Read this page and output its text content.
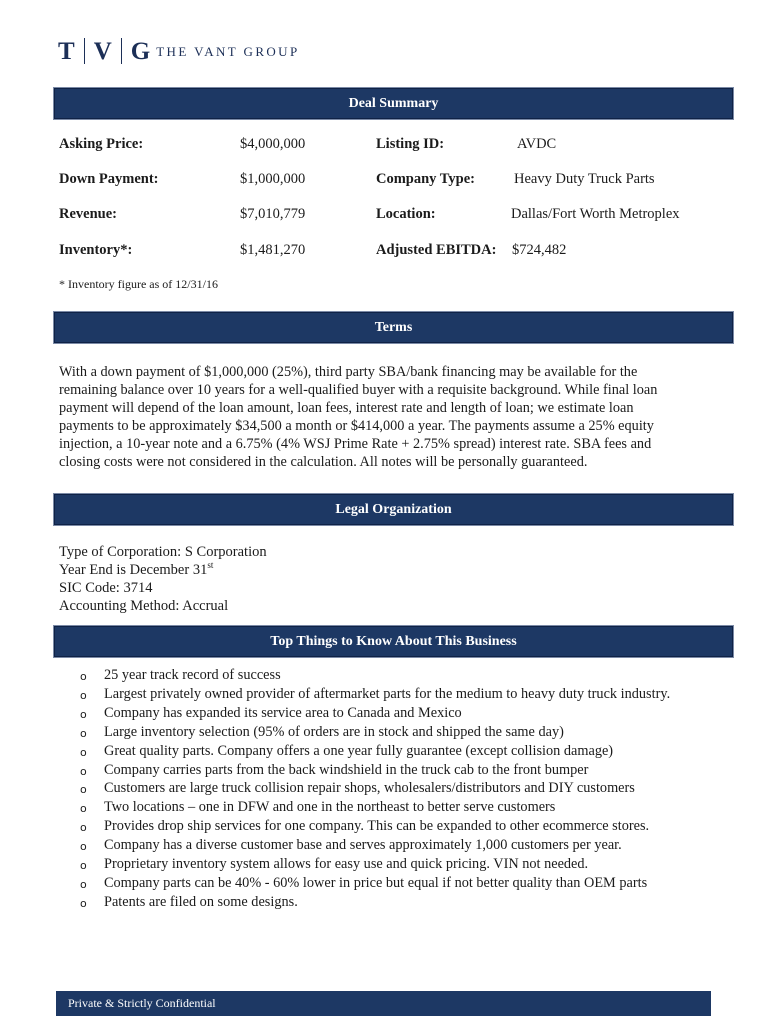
T V G THE VANT GROUP
Deal Summary
Asking Price:	$4,000,000	Listing ID:	AVDC
Down Payment:	$1,000,000	Company Type:	Heavy Duty Truck Parts
Revenue:	$7,010,779	Location:	Dallas/Fort Worth Metroplex
Inventory*:	$1,481,270	Adjusted EBITDA: $724,482
* Inventory figure as of 12/31/16
Terms
With a down payment of $1,000,000 (25%), third party SBA/bank financing may be available for the
remaining balance over 10 years for a well-qualified buyer with a requisite background. While final loan
payment will depend of the loan amount, loan fees, interest rate and length of loan; we estimate loan
payments to be approximately $34,500 a month or $414,000 a year. The payments assume a 25% equity
injection, a 10-year note and a 6.75% (4% WSJ Prime Rate + 2.75% spread) interest rate. SBA fees and
closing costs were not considered in the calculation. All notes will be personally guaranteed.
Legal Organization
Type of Corporation: S Corporation
Year End is December 31st
SIC Code: 3714
Accounting Method: Accrual
Top Things to Know About This Business
o	25 year track record of success
o	Largest privately owned provider of aftermarket parts for the medium to heavy duty truck industry.
o	Company has expanded its service area to Canada and Mexico
o	Large inventory selection (95% of orders are in stock and shipped the same day)
o	Great quality parts. Company offers a one year fully guarantee (except collision damage)
o	Company carries parts from the back windshield in the truck cab to the front bumper
o	Customers are large truck collision repair shops, wholesalers/distributors and DIY customers
o	Two locations – one in DFW and one in the northeast to better serve customers
o	Provides drop ship services for one company. This can be expanded to other ecommerce stores.
o	Company has a diverse customer base and serves approximately 1,000 customers per year.
o	Proprietary inventory system allows for easy use and quick pricing. VIN not needed.
o	Company parts can be 40% - 60% lower in price but equal if not better quality than OEM parts
o	Patents are filed on some designs.
Private & Strictly Confidential
